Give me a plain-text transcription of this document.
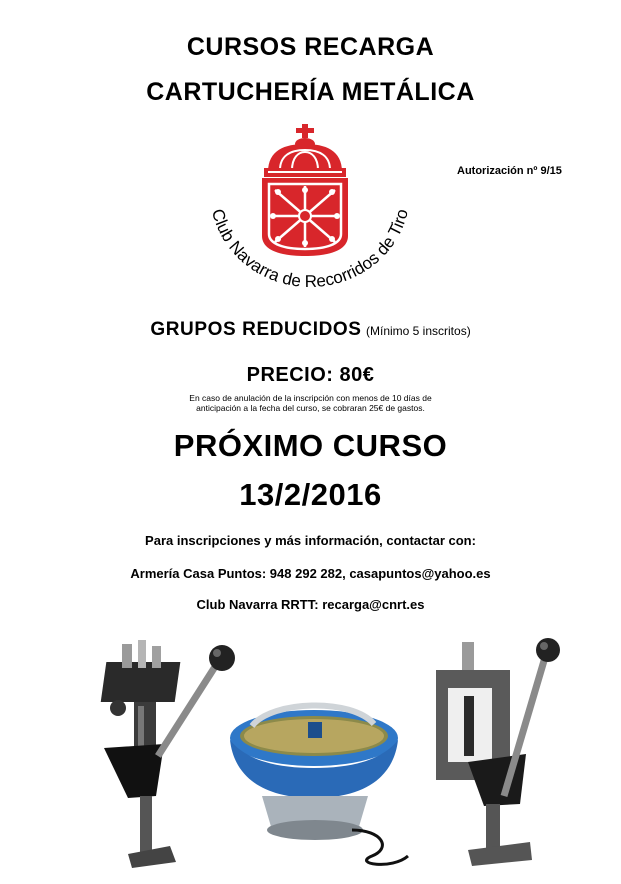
CURSOS RECARGA
CARTUCHERÍA METÁLICA
Autorización nº 9/15
Club Navarra de Recorridos de Tiro
GRUPOS REDUCIDOS (Mínimo 5 inscritos)
PRECIO: 80€
En caso de anulación de la inscripción con menos de 10 días de
anticipación a la fecha del curso, se cobraran 25€ de gastos.
PRÓXIMO CURSO
13/2/2016
Para inscripciones y más información, contactar con:
Armería Casa Puntos: 948 292 282, casapuntos@yahoo.es
Club Navarra RRTT: recarga@cnrt.es
